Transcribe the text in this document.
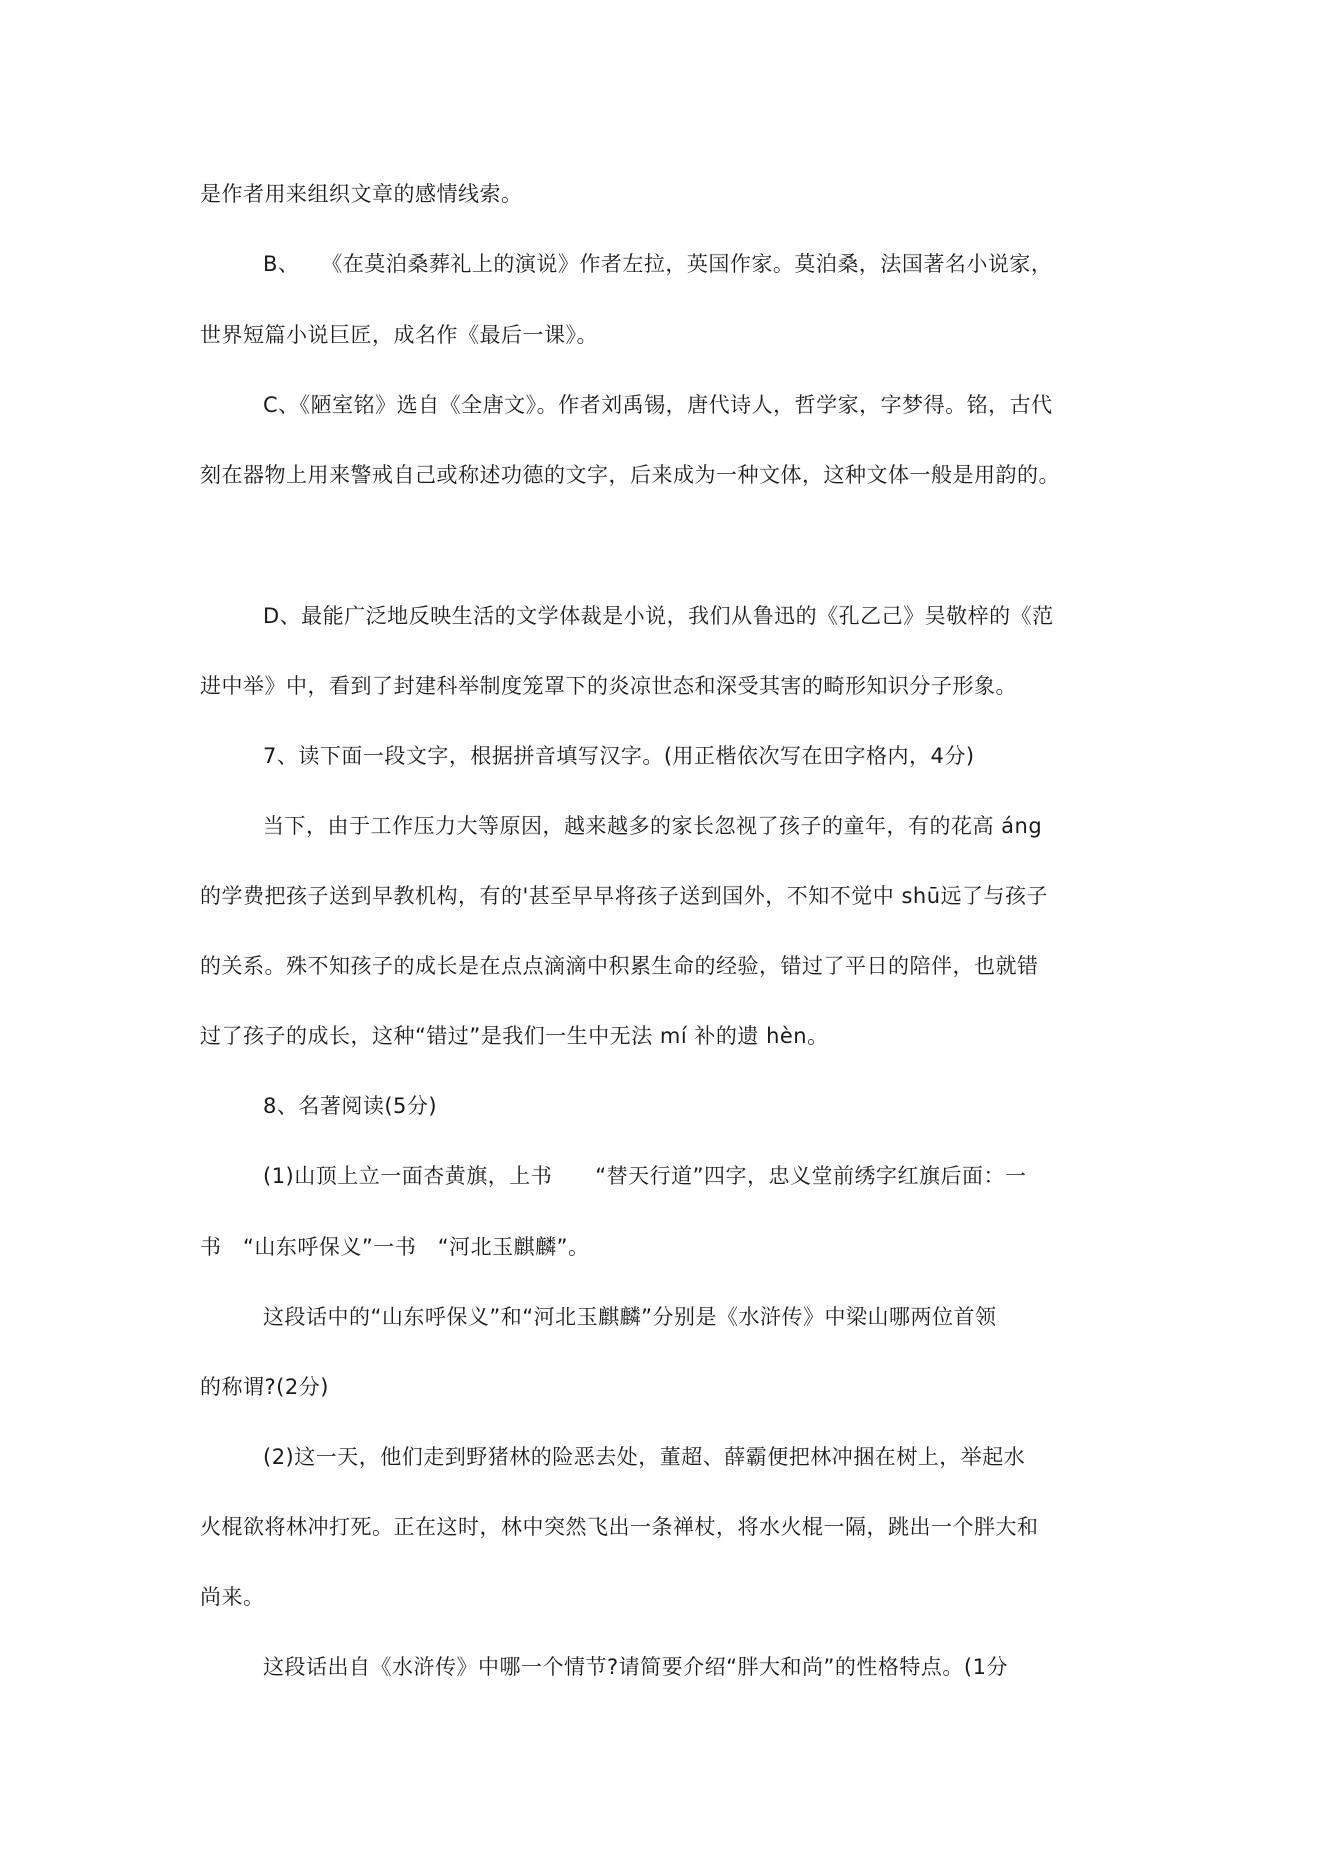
是作者用来组织文章的感情线索。
B、　　《在莫泊桑葬礼上的演说》作者左拉，英国作家。莫泊桑，法国著名小说家，
世界短篇小说巨匠，成名作《最后一课》。
C、《陋室铭》选自《全唐文》。作者刘禹锡，唐代诗人，哲学家，字梦得。铭，古代
刻在器物上用来警戒自己或称述功德的文字，后来成为一种文体，这种文体一般是用韵的。
D、最能广泛地反映生活的文学体裁是小说，我们从鲁迅的《孔乙己》吴敬梓的《范
进中举》中，看到了封建科举制度笼罩下的炎凉世态和深受其害的畸形知识分子形象。
7、读下面一段文字，根据拼音填写汉字。(用正楷依次写在田字格内，4分)
当下，由于工作压力大等原因，越来越多的家长忽视了孩子的童年，有的花高 áng
的学费把孩子送到早教机构，有的'甚至早早将孩子送到国外，不知不觉中 shū远了与孩子
的关系。殊不知孩子的成长是在点点滴滴中积累生命的经验，错过了平日的陪伴，也就错
过了孩子的成长，这种“错过”是我们一生中无法 mí 补的遗 hèn。
8、名著阅读(5分)
(1)山顶上立一面杏黄旗，上书　　“替天行道”四字，忠义堂前绣字红旗后面：一
书　“山东呼保义”一书　“河北玉麒麟”。
这段话中的“山东呼保义”和“河北玉麒麟”分别是《水浒传》中梁山哪两位首领
的称谓?(2分)
(2)这一天，他们走到野猪林的险恶去处，董超、薛霸便把林冲捆在树上，举起水
火棍欲将林冲打死。正在这时，林中突然飞出一条禅杖，将水火棍一隔，跳出一个胖大和
尚来。
这段话出自《水浒传》中哪一个情节?请简要介绍“胖大和尚”的性格特点。(1分
